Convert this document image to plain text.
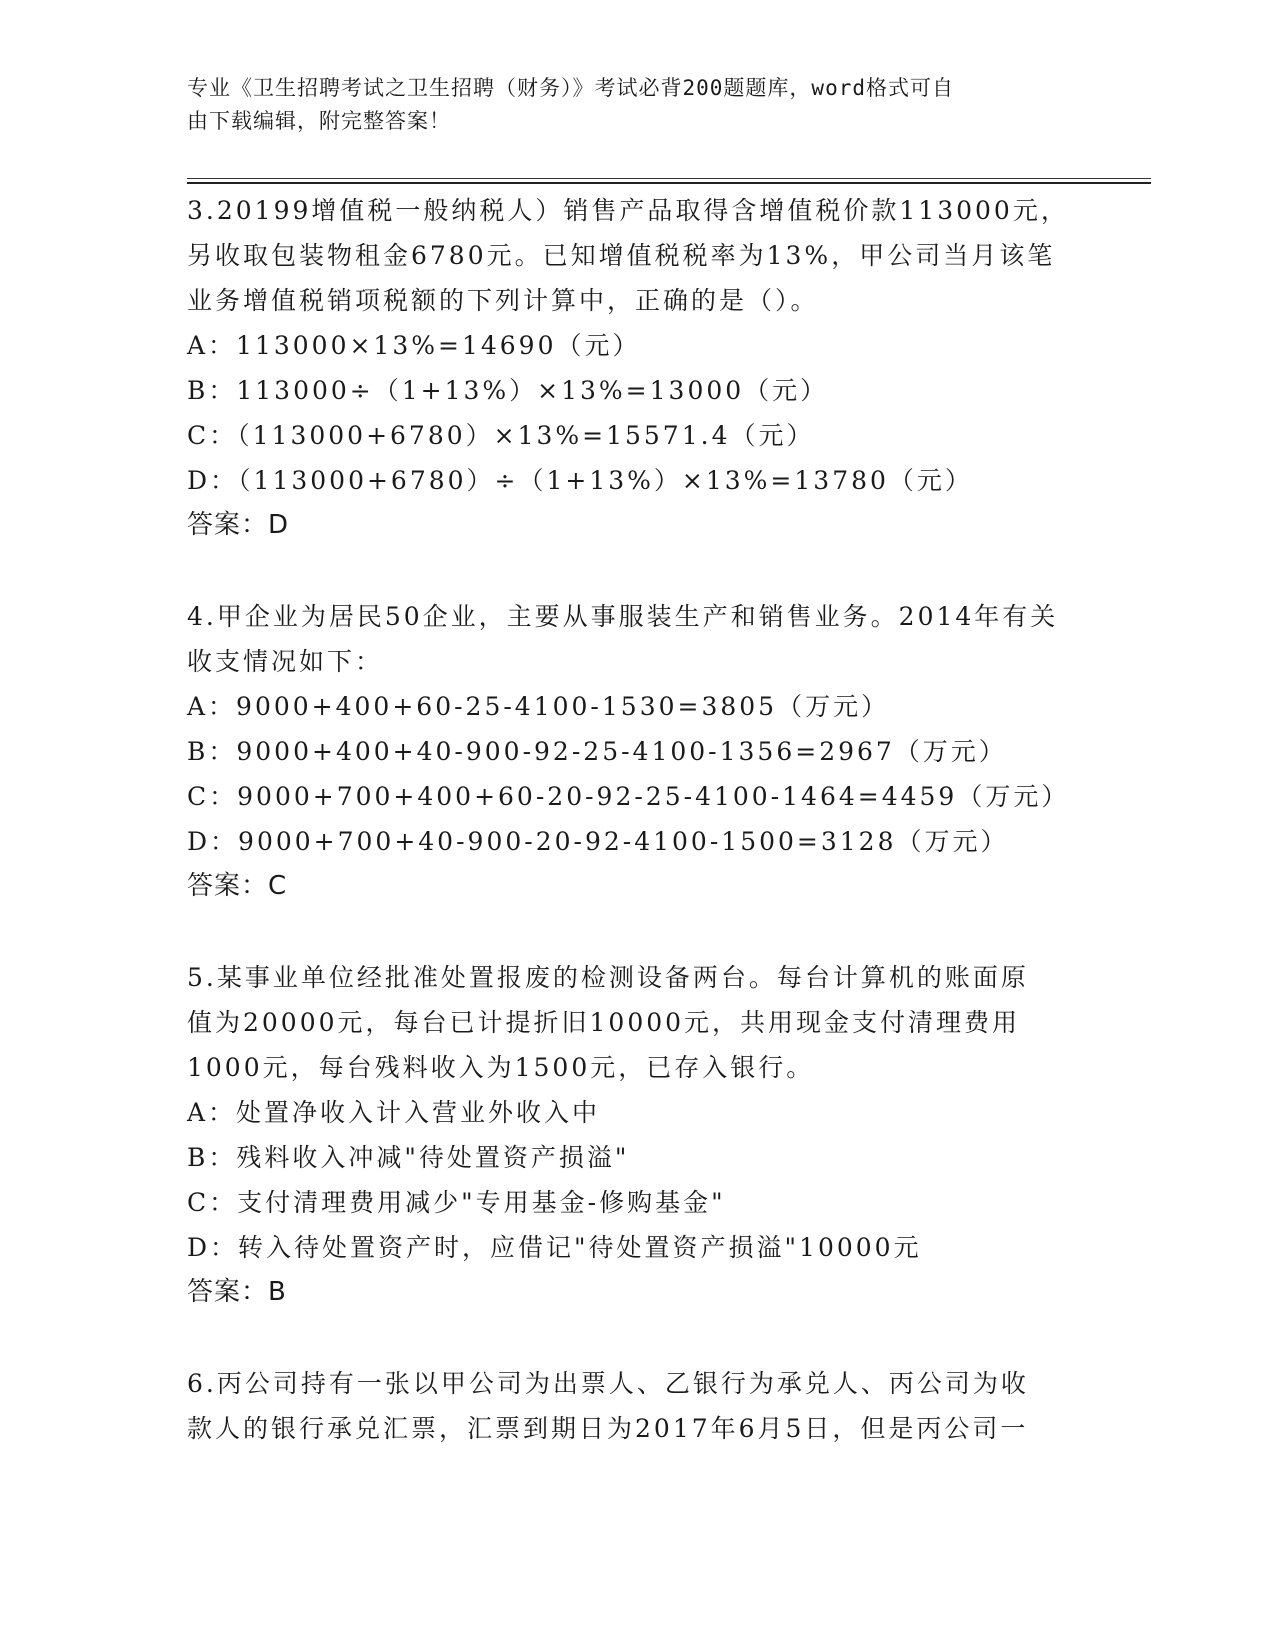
专业《卫生招聘考试之卫生招聘（财务）》考试必背200题题库，word格式可自
由下载编辑，附完整答案！
3.20199增值税一般纳税人）销售产品取得含增值税价款113000元，
另收取包装物租金6780元。已知增值税税率为13%，甲公司当月该笔
业务增值税销项税额的下列计算中，正确的是（）。
A：113000×13%=14690（元）
B：113000÷（1+13%）×13%=13000（元）
C：（113000+6780）×13%=15571.4（元）
D：（113000+6780）÷（1+13%）×13%=13780（元）
答案：D
4.甲企业为居民50企业，主要从事服装生产和销售业务。2014年有关
收支情况如下：
A：9000+400+60-25-4100-1530=3805（万元）
B：9000+400+40-900-92-25-4100-1356=2967（万元）
C：9000+700+400+60-20-92-25-4100-1464=4459（万元）
D：9000+700+40-900-20-92-4100-1500=3128（万元）
答案：C
5.某事业单位经批准处置报废的检测设备两台。每台计算机的账面原
值为20000元，每台已计提折旧10000元，共用现金支付清理费用
1000元，每台残料收入为1500元，已存入银行。
A：处置净收入计入营业外收入中
B：残料收入冲减"待处置资产损溢"
C：支付清理费用减少"专用基金-修购基金"
D：转入待处置资产时，应借记"待处置资产损溢"10000元
答案：B
6.丙公司持有一张以甲公司为出票人、乙银行为承兑人、丙公司为收
款人的银行承兑汇票，汇票到期日为2017年6月5日，但是丙公司一
